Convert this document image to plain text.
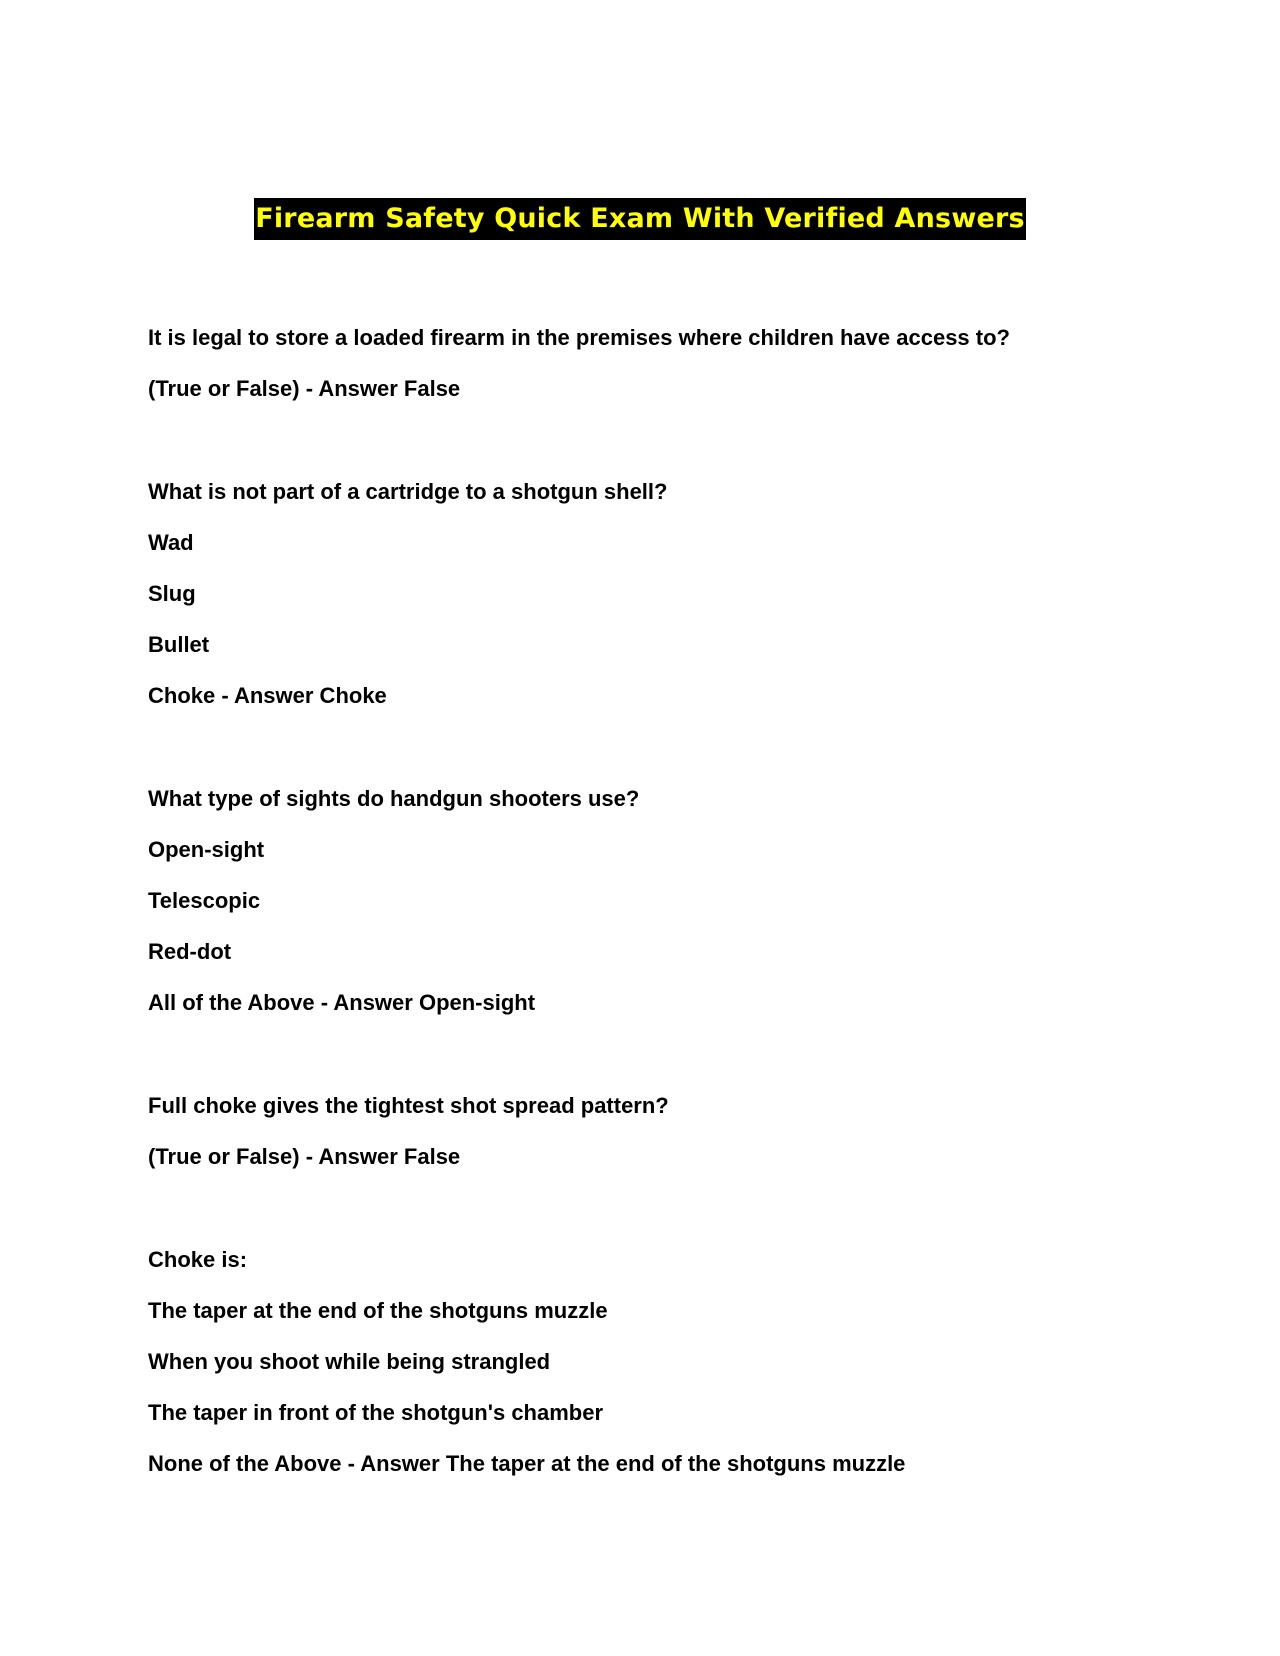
Firearm Safety Quick Exam With Verified Answers
It is legal to store a loaded firearm in the premises where children have access to?
(True or False) - Answer False
What is not part of a cartridge to a shotgun shell?
Wad
Slug
Bullet
Choke - Answer Choke
What type of sights do handgun shooters use?
Open-sight
Telescopic
Red-dot
All of the Above - Answer Open-sight
Full choke gives the tightest shot spread pattern?
(True or False) - Answer False
Choke is:
The taper at the end of the shotguns muzzle
When you shoot while being strangled
The taper in front of the shotgun's chamber
None of the Above - Answer The taper at the end of the shotguns muzzle
